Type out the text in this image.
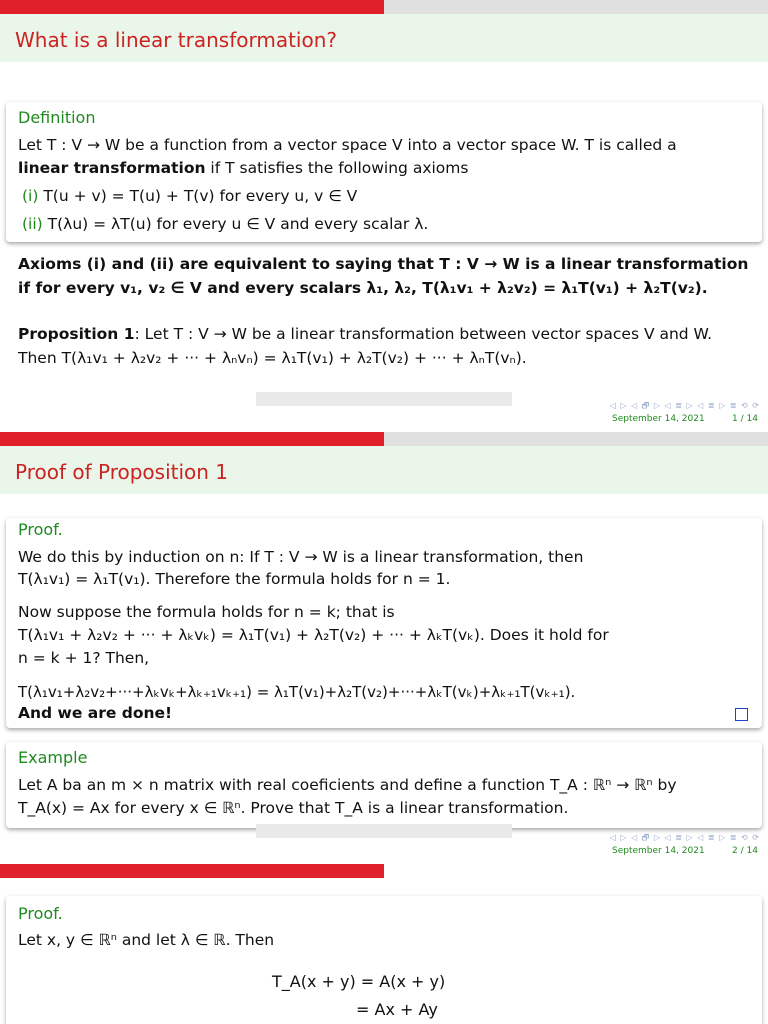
What is a linear transformation?
Definition
Let T : V → W be a function from a vector space V into a vector space W. T is called a
linear transformation if T satisfies the following axioms
(i) T(u + v) = T(u) + T(v) for every u, v ∈ V
(ii) T(λu) = λT(u) for every u ∈ V and every scalar λ.
Axioms (i) and (ii) are equivalent to saying that T : V → W is a linear transformation
if for every v₁, v₂ ∈ V and every scalars λ₁, λ₂, T(λ₁v₁ + λ₂v₂) = λ₁T(v₁) + λ₂T(v₂).
Proposition 1: Let T : V → W be a linear transformation between vector spaces V and W.
Then T(λ₁v₁ + λ₂v₂ + ··· + λₙvₙ) = λ₁T(v₁) + λ₂T(v₂) + ··· + λₙT(vₙ).
◁ ▷ ◁ 🗗 ▷ ◁ ≣ ▷ ◁ ≣ ▷ ≣ ⟲ ⟳
September 14, 2021	1 / 14
Proof of Proposition 1
Proof.
We do this by induction on n: If T : V → W is a linear transformation, then
T(λ₁v₁) = λ₁T(v₁). Therefore the formula holds for n = 1.
Now suppose the formula holds for n = k; that is
T(λ₁v₁ + λ₂v₂ + ··· + λₖvₖ) = λ₁T(v₁) + λ₂T(v₂) + ··· + λₖT(vₖ). Does it hold for
n = k + 1? Then,
T(λ₁v₁+λ₂v₂+···+λₖvₖ+λₖ₊₁vₖ₊₁) = λ₁T(v₁)+λ₂T(v₂)+···+λₖT(vₖ)+λₖ₊₁T(vₖ₊₁).
And we are done!
Example
Let A ba an m × n matrix with real coeficients and define a function T_A : ℝⁿ → ℝⁿ by
T_A(x) = Ax for every x ∈ ℝⁿ. Prove that T_A is a linear transformation.
◁ ▷ ◁ 🗗 ▷ ◁ ≣ ▷ ◁ ≣ ▷ ≣ ⟲ ⟳
September 14, 2021	2 / 14
Proof.
Let x, y ∈ ℝⁿ and let λ ∈ ℝ. Then
T_A(x + y) = A(x + y)
= Ax + Ay
